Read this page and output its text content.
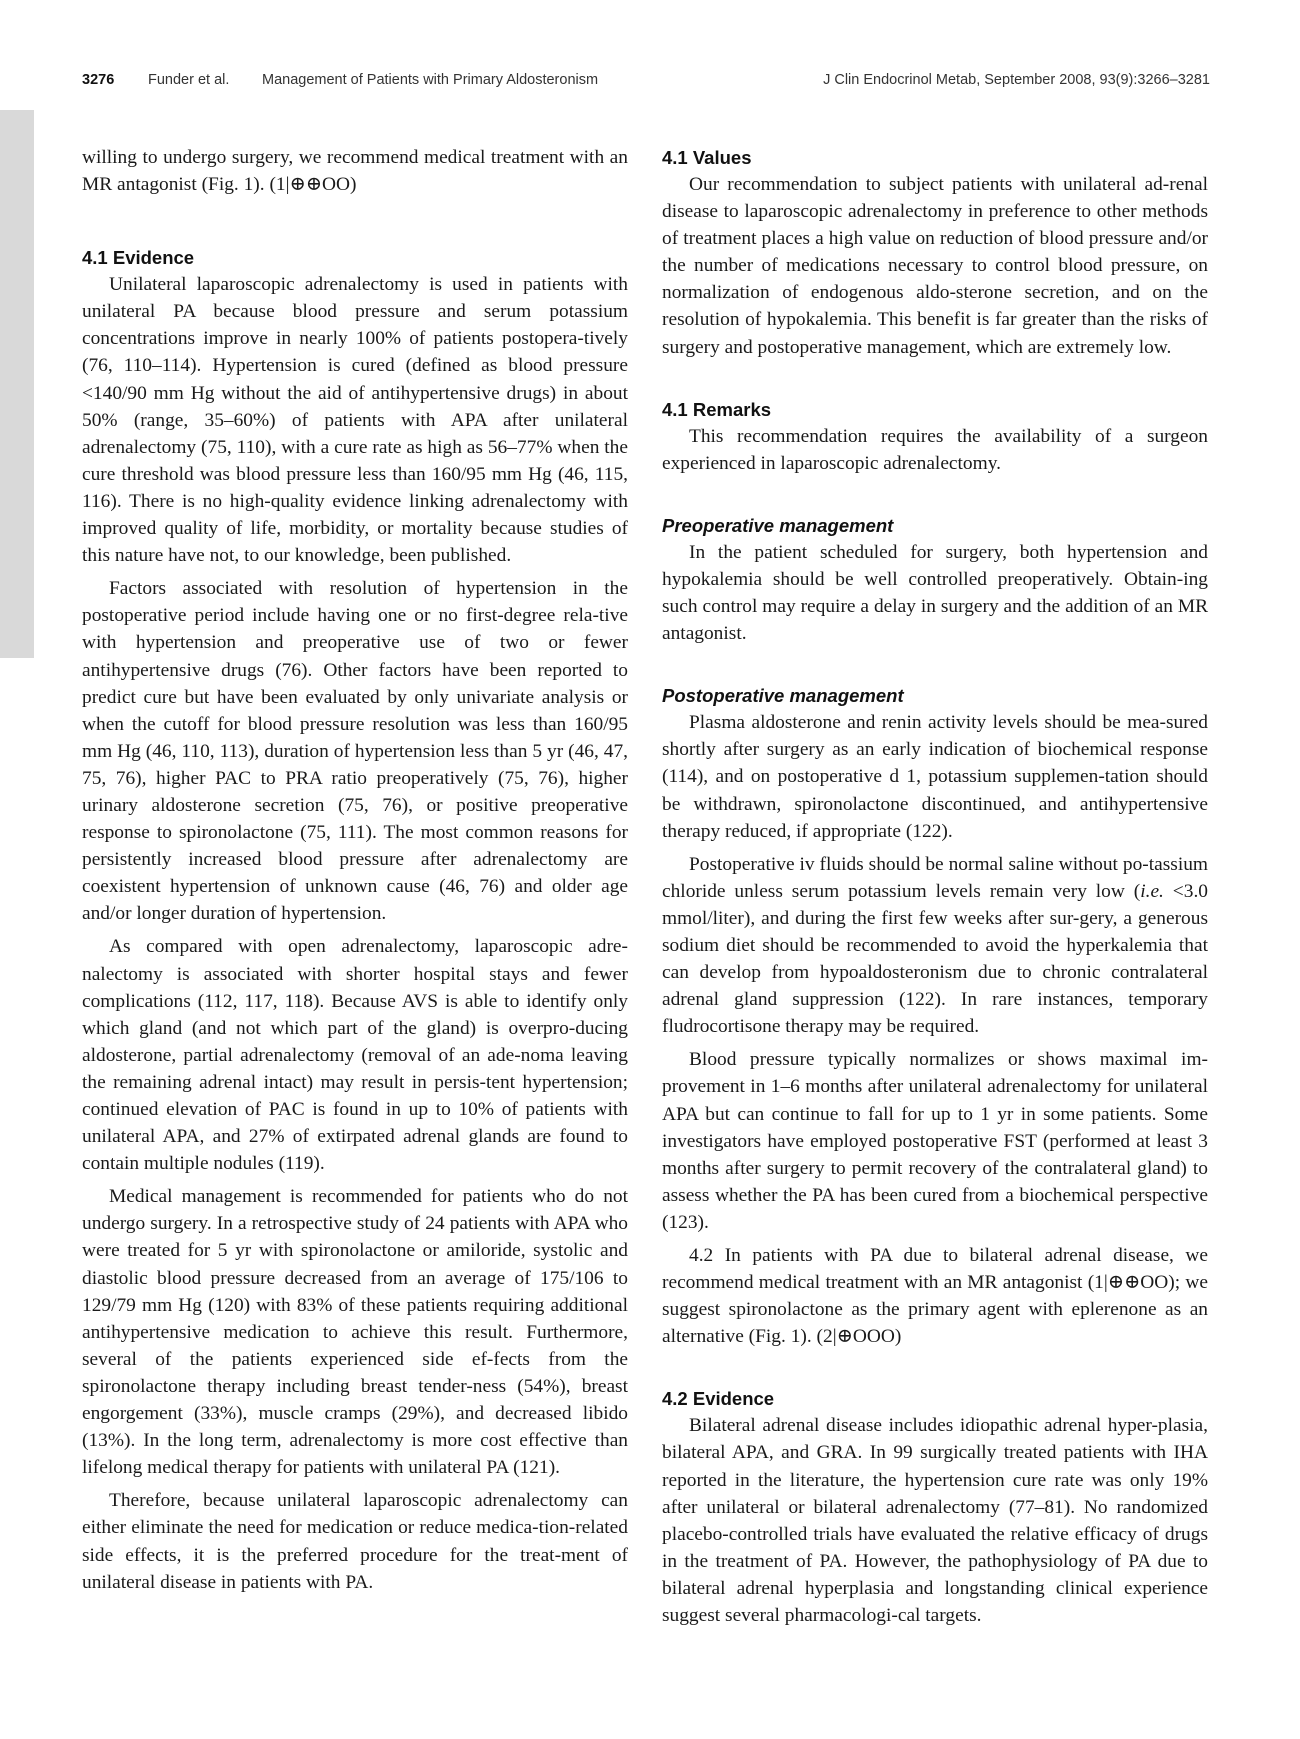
3276 Funder et al. Management of Patients with Primary Aldosteronism	J Clin Endocrinol Metab, September 2008, 93(9):3266–3281

willing to undergo surgery, we recommend medical treatment with an MR antagonist (Fig. 1). (1|⊕⊕OO)

4.1 Evidence

Unilateral laparoscopic adrenalectomy is used in patients with unilateral PA because blood pressure and serum potassium concentrations improve in nearly 100% of patients postopera-tively (76, 110–114). Hypertension is cured (defined as blood pressure <140/90 mm Hg without the aid of antihypertensive drugs) in about 50% (range, 35–60%) of patients with APA after unilateral adrenalectomy (75, 110), with a cure rate as high as 56–77% when the cure threshold was blood pressure less than 160/95 mm Hg (46, 115, 116). There is no high-quality evidence linking adrenalectomy with improved quality of life, morbidity, or mortality because studies of this nature have not, to our knowledge, been published.

Factors associated with resolution of hypertension in the postoperative period include having one or no first-degree rela-tive with hypertension and preoperative use of two or fewer antihypertensive drugs (76). Other factors have been reported to predict cure but have been evaluated by only univariate analysis or when the cutoff for blood pressure resolution was less than 160/95 mm Hg (46, 110, 113), duration of hypertension less than 5 yr (46, 47, 75, 76), higher PAC to PRA ratio preoperatively (75, 76), higher urinary aldosterone secretion (75, 76), or positive preoperative response to spironolactone (75, 111). The most common reasons for persistently increased blood pressure after adrenalectomy are coexistent hypertension of unknown cause (46, 76) and older age and/or longer duration of hypertension.

As compared with open adrenalectomy, laparoscopic adre-nalectomy is associated with shorter hospital stays and fewer complications (112, 117, 118). Because AVS is able to identify only which gland (and not which part of the gland) is overpro-ducing aldosterone, partial adrenalectomy (removal of an ade-noma leaving the remaining adrenal intact) may result in persis-tent hypertension; continued elevation of PAC is found in up to 10% of patients with unilateral APA, and 27% of extirpated adrenal glands are found to contain multiple nodules (119).

Medical management is recommended for patients who do not undergo surgery. In a retrospective study of 24 patients with APA who were treated for 5 yr with spironolactone or amiloride, systolic and diastolic blood pressure decreased from an average of 175/106 to 129/79 mm Hg (120) with 83% of these patients requiring additional antihypertensive medication to achieve this result. Furthermore, several of the patients experienced side ef-fects from the spironolactone therapy including breast tender-ness (54%), breast engorgement (33%), muscle cramps (29%), and decreased libido (13%). In the long term, adrenalectomy is more cost effective than lifelong medical therapy for patients with unilateral PA (121).

Therefore, because unilateral laparoscopic adrenalectomy can either eliminate the need for medication or reduce medica-tion-related side effects, it is the preferred procedure for the treat-ment of unilateral disease in patients with PA.

4.1 Values

Our recommendation to subject patients with unilateral ad-renal disease to laparoscopic adrenalectomy in preference to other methods of treatment places a high value on reduction of blood pressure and/or the number of medications necessary to control blood pressure, on normalization of endogenous aldo-sterone secretion, and on the resolution of hypokalemia. This benefit is far greater than the risks of surgery and postoperative management, which are extremely low.

4.1 Remarks

This recommendation requires the availability of a surgeon experienced in laparoscopic adrenalectomy.

Preoperative management

In the patient scheduled for surgery, both hypertension and hypokalemia should be well controlled preoperatively. Obtain-ing such control may require a delay in surgery and the addition of an MR antagonist.

Postoperative management

Plasma aldosterone and renin activity levels should be mea-sured shortly after surgery as an early indication of biochemical response (114), and on postoperative d 1, potassium supplemen-tation should be withdrawn, spironolactone discontinued, and antihypertensive therapy reduced, if appropriate (122).

Postoperative iv fluids should be normal saline without po-tassium chloride unless serum potassium levels remain very low (i.e. <3.0 mmol/liter), and during the first few weeks after sur-gery, a generous sodium diet should be recommended to avoid the hyperkalemia that can develop from hypoaldosteronism due to chronic contralateral adrenal gland suppression (122). In rare instances, temporary fludrocortisone therapy may be required.

Blood pressure typically normalizes or shows maximal im-provement in 1–6 months after unilateral adrenalectomy for unilateral APA but can continue to fall for up to 1 yr in some patients. Some investigators have employed postoperative FST (performed at least 3 months after surgery to permit recovery of the contralateral gland) to assess whether the PA has been cured from a biochemical perspective (123).

4.2 In patients with PA due to bilateral adrenal disease, we recommend medical treatment with an MR antagonist (1|⊕⊕OO); we suggest spironolactone as the primary agent with eplerenone as an alternative (Fig. 1). (2|⊕OOO)

4.2 Evidence

Bilateral adrenal disease includes idiopathic adrenal hyper-plasia, bilateral APA, and GRA. In 99 surgically treated patients with IHA reported in the literature, the hypertension cure rate was only 19% after unilateral or bilateral adrenalectomy (77–81). No randomized placebo-controlled trials have evaluated the relative efficacy of drugs in the treatment of PA. However, the pathophysiology of PA due to bilateral adrenal hyperplasia and longstanding clinical experience suggest several pharmacologi-cal targets.
